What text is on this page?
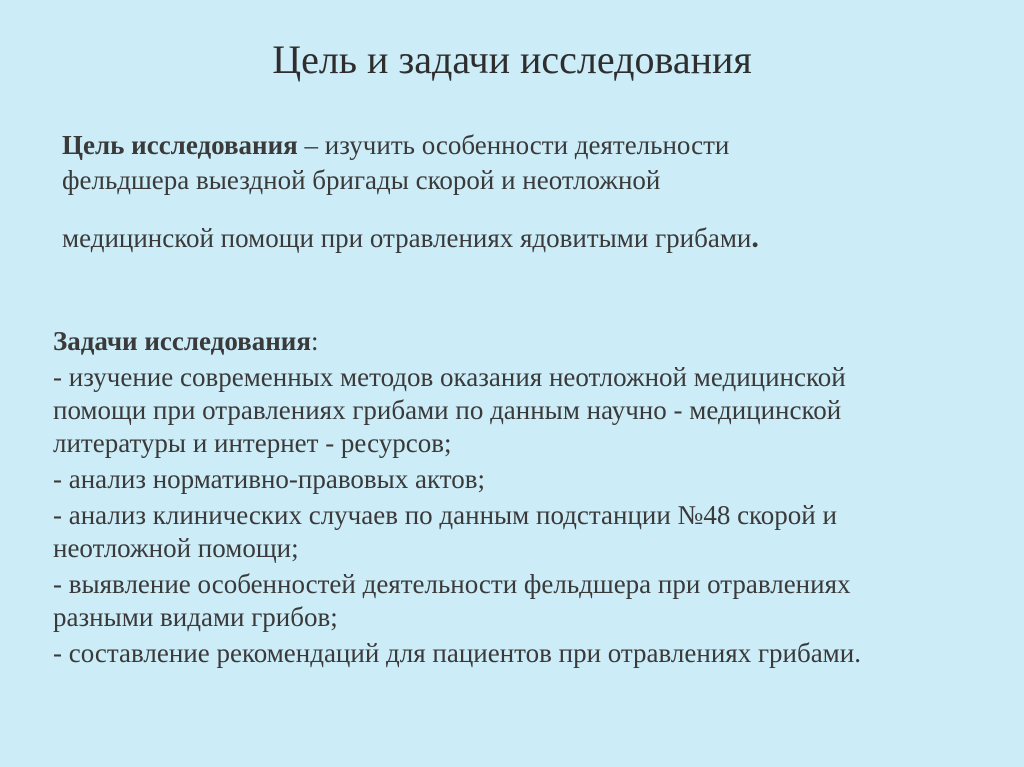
Цель и задачи исследования
Цель исследования – изучить особенности деятельности
фельдшера выездной бригады скорой и неотложной
медицинской помощи при отравлениях ядовитыми грибами.
Задачи исследования:
- изучение современных методов оказания неотложной медицинской
помощи при отравлениях грибами по данным научно - медицинской
литературы и интернет - ресурсов;
- анализ нормативно-правовых актов;
- анализ клинических случаев по данным подстанции №48 скорой и
неотложной помощи;
- выявление особенностей деятельности фельдшера при отравлениях
разными видами грибов;
- составление рекомендаций для пациентов при отравлениях грибами.
